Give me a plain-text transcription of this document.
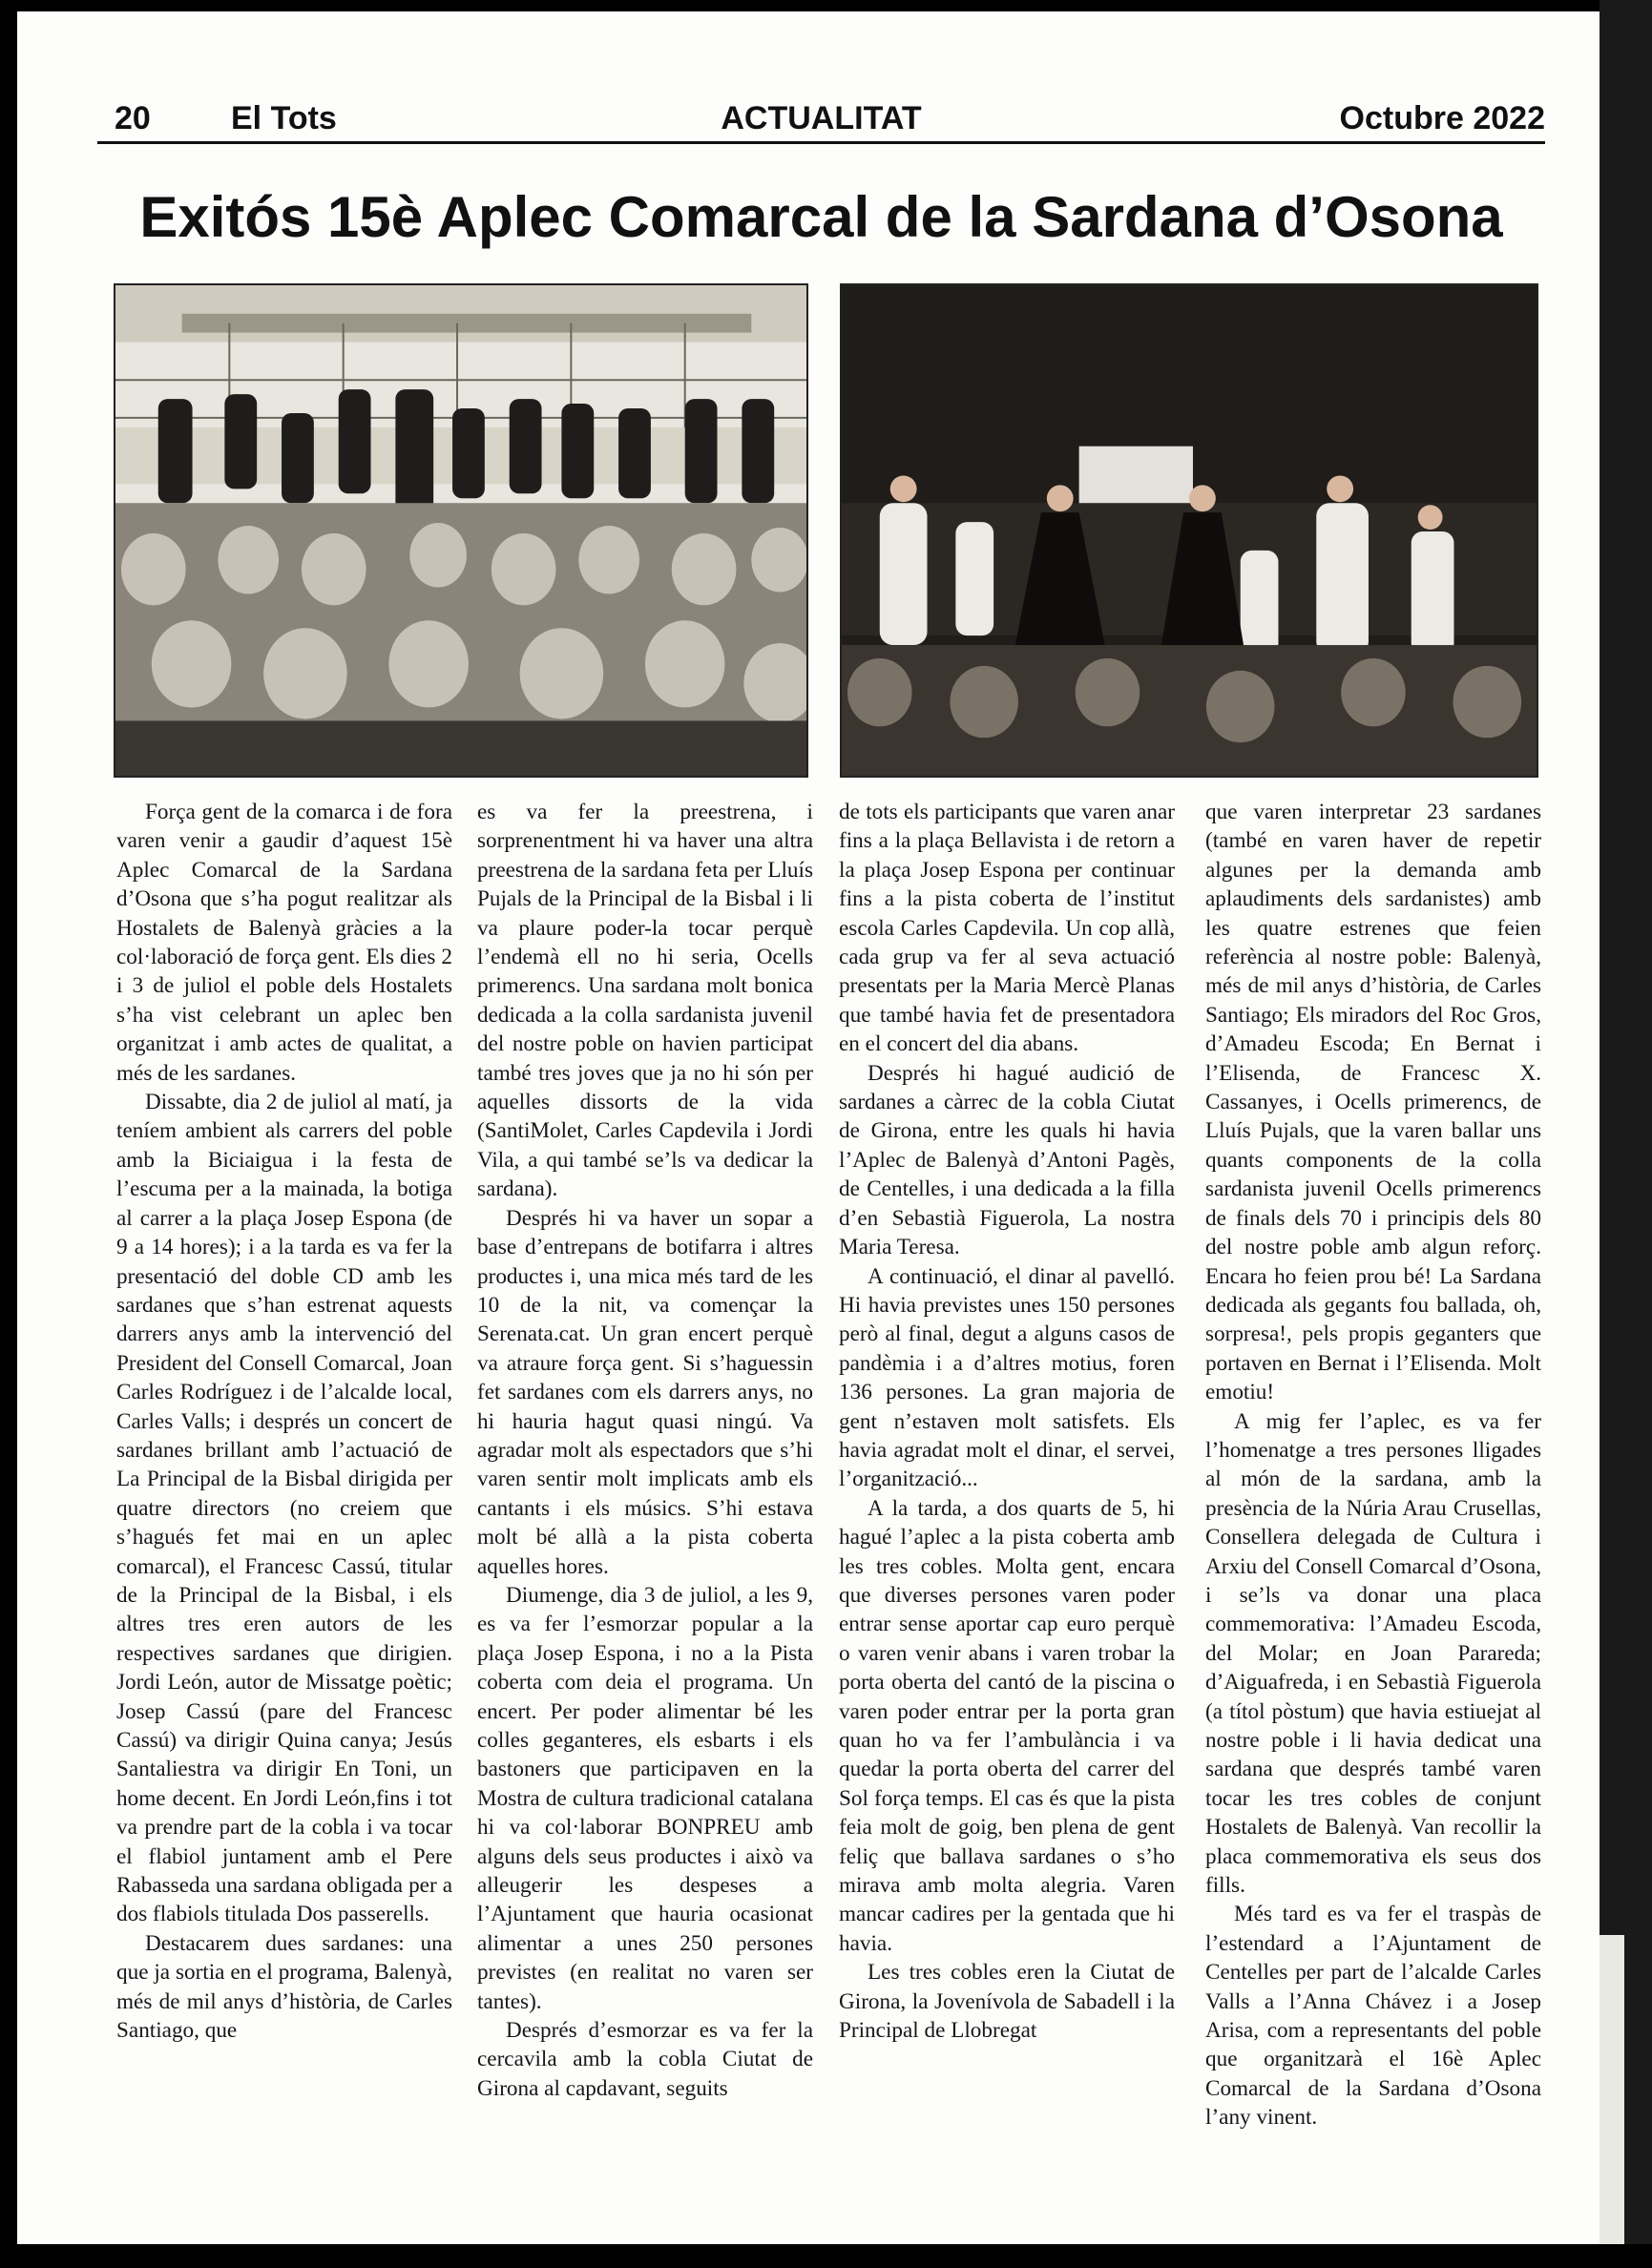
20 El Tots	ACTUALITAT	Octubre 2022
Exitós 15è Aplec Comarcal de la Sardana d’Osona

Força gent de la comarca i de fora varen venir a gaudir d’aquest 15è Aplec Comarcal de la Sardana d’Osona que s’ha pogut realitzar als Hostalets de Balenyà gràcies a la col·laboració de força gent. Els dies 2 i 3 de juliol el poble dels Hostalets s’ha vist celebrant un aplec ben organitzat i amb actes de qualitat, a més de les sardanes.

Dissabte, dia 2 de juliol al matí, ja teníem ambient als carrers del poble amb la Biciaigua i la festa de l’escuma per a la mainada, la botiga al carrer a la plaça Josep Espona (de 9 a 14 hores); i a la tarda es va fer la presentació del doble CD amb les sardanes que s’han estrenat aquests darrers anys amb la intervenció del President del Consell Comarcal, Joan Carles Rodríguez i de l’alcalde local, Carles Valls; i després un concert de sardanes brillant amb l’actuació de La Principal de la Bisbal dirigida per quatre directors (no creiem que s’hagués fet mai en un aplec comarcal), el Francesc Cassú, titular de la Principal de la Bisbal, i els altres tres eren autors de les respectives sardanes que dirigien. Jordi León, autor de Missatge poètic; Josep Cassú (pare del Francesc Cassú) va dirigir Quina canya; Jesús Santaliestra va dirigir En Toni, un home decent. En Jordi León,fins i tot va prendre part de la cobla i va tocar el flabiol juntament amb el Pere Rabasseda una sardana obligada per a dos flabiols titulada Dos passerells.

Destacarem dues sardanes: una que ja sortia en el programa, Balenyà, més de mil anys d’història, de Carles Santiago, que

es va fer la preestrena, i sorprenentment hi va haver una altra preestrena de la sardana feta per Lluís Pujals de la Principal de la Bisbal i li va plaure poder-la tocar perquè l’endemà ell no hi seria, Ocells primerencs. Una sardana molt bonica dedicada a la colla sardanista juvenil del nostre poble on havien participat també tres joves que ja no hi són per aquelles dissorts de la vida (SantiMolet, Carles Capdevila i Jordi Vila, a qui també se’ls va dedicar la sardana).

Després hi va haver un sopar a base d’entrepans de botifarra i altres productes i, una mica més tard de les 10 de la nit, va començar la Serenata.cat. Un gran encert perquè va atraure força gent. Si s’haguessin fet sardanes com els darrers anys, no hi hauria hagut quasi ningú. Va agradar molt als espectadors que s’hi varen sentir molt implicats amb els cantants i els músics. S’hi estava molt bé allà a la pista coberta aquelles hores.

Diumenge, dia 3 de juliol, a les 9, es va fer l’esmorzar popular a la plaça Josep Espona, i no a la Pista coberta com deia el programa. Un encert. Per poder alimentar bé les colles geganteres, els esbarts i els bastoners que participaven en la Mostra de cultura tradicional catalana hi va col·laborar BONPREU amb alguns dels seus productes i això va alleugerir les despeses a l’Ajuntament que hauria ocasionat alimentar a unes 250 persones previstes (en realitat no varen ser tantes).

Després d’esmorzar es va fer la cercavila amb la cobla Ciutat de Girona al capdavant, seguits

de tots els participants que varen anar fins a la plaça Bellavista i de retorn a la plaça Josep Espona per continuar fins a la pista coberta de l’institut escola Carles Capdevila. Un cop allà, cada grup va fer al seva actuació presentats per la Maria Mercè Planas que també havia fet de presentadora en el concert del dia abans.

Després hi hagué audició de sardanes a càrrec de la cobla Ciutat de Girona, entre les quals hi havia l’Aplec de Balenyà d’Antoni Pagès, de Centelles, i una dedicada a la filla d’en Sebastià Figuerola, La nostra Maria Teresa.

A continuació, el dinar al pavelló. Hi havia previstes unes 150 persones però al final, degut a alguns casos de pandèmia i a d’altres motius, foren 136 persones. La gran majoria de gent n’estaven molt satisfets. Els havia agradat molt el dinar, el servei, l’organització...

A la tarda, a dos quarts de 5, hi hagué l’aplec a la pista coberta amb les tres cobles. Molta gent, encara que diverses persones varen poder entrar sense aportar cap euro perquè o varen venir abans i varen trobar la porta oberta del cantó de la piscina o varen poder entrar per la porta gran quan ho va fer l’ambulància i va quedar la porta oberta del carrer del Sol força temps. El cas és que la pista feia molt de goig, ben plena de gent feliç que ballava sardanes o s’ho mirava amb molta alegria. Varen mancar cadires per la gentada que hi havia.

Les tres cobles eren la Ciutat de Girona, la Jovenívola de Sabadell i la Principal de Llobregat

que varen interpretar 23 sardanes (també en varen haver de repetir algunes per la demanda amb aplaudiments dels sardanistes) amb les quatre estrenes que feien referència al nostre poble: Balenyà, més de mil anys d’història, de Carles Santiago; Els miradors del Roc Gros, d’Amadeu Escoda; En Bernat i l’Elisenda, de Francesc X. Cassanyes, i Ocells primerencs, de Lluís Pujals, que la varen ballar uns quants components de la colla sardanista juvenil Ocells primerencs de finals dels 70 i principis dels 80 del nostre poble amb algun reforç. Encara ho feien prou bé! La Sardana dedicada als gegants fou ballada, oh, sorpresa!, pels propis geganters que portaven en Bernat i l’Elisenda. Molt emotiu!

A mig fer l’aplec, es va fer l’homenatge a tres persones lligades al món de la sardana, amb la presència de la Núria Arau Crusellas, Consellera delegada de Cultura i Arxiu del Consell Comarcal d’Osona, i se’ls va donar una placa commemorativa: l’Amadeu Escoda, del Molar; en Joan Parareda; d’Aiguafreda, i en Sebastià Figuerola (a títol pòstum) que havia estiuejat al nostre poble i li havia dedicat una sardana que després també varen tocar les tres cobles de conjunt Hostalets de Balenyà. Van recollir la placa commemorativa els seus dos fills.

Més tard es va fer el traspàs de l’estendard a l’Ajuntament de Centelles per part de l’alcalde Carles Valls a l’Anna Chávez i a Josep Arisa, com a representants del poble que organitzarà el 16è Aplec Comarcal de la Sardana d’Osona l’any vinent.
